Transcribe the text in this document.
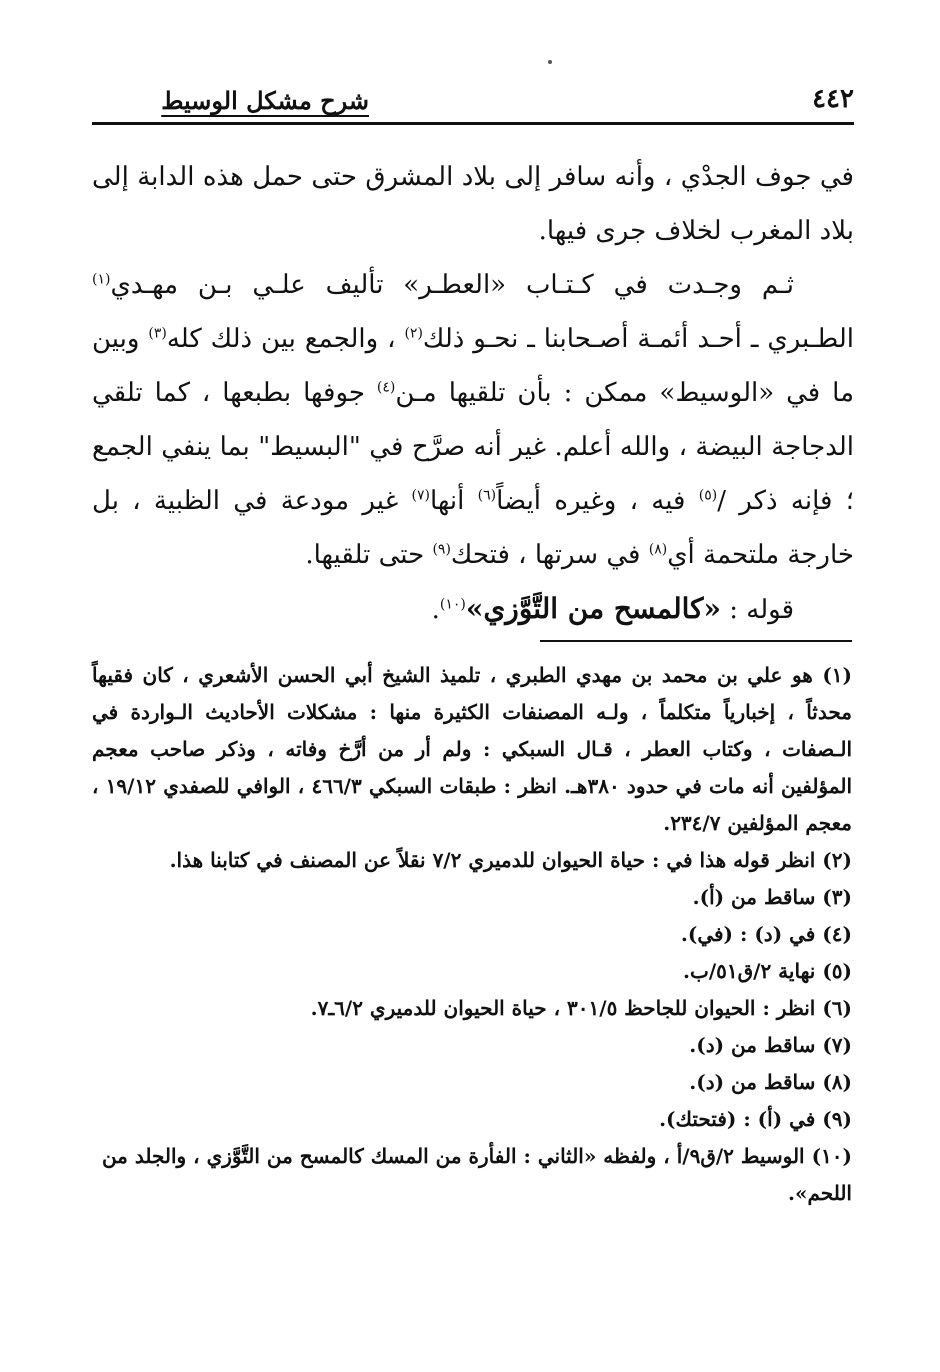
٤٤٢
شرح مشكل الوسيط

في جوف الجدْي ، وأنه سافر إلى بلاد المشرق حتى حمل هذه الدابة إلى بلاد المغرب لخلاف جرى فيها.

ثـم وجـدت في كـتـاب «العطـر» تأليف علـي بـن مهـدي$^{(١)}$ الطـبري ـ أحـد أئمـة أصـحابنا ـ نحـو ذلك$^{(٢)}$ ، والجمع بين ذلك كله$^{(٣)}$ وبين ما في «الوسيط» ممكن : بأن تلقيها مـن$^{(٤)}$ جوفها بطبعها ، كما تلقي الدجاجة البيضة ، والله أعلم. غير أنه صرَّح في "البسيط" بما ينفي الجمع ؛ فإنه ذكر /$^{(٥)}$ فيه ، وغيره أيضاً$^{(٦)}$ أنها$^{(٧)}$ غير مودعة في الظبية ، بل خارجة ملتحمة أي$^{(٨)}$ في سرتها ، فتحك$^{(٩)}$ حتى تلقيها.

قوله : «كالمسح من التَّوَّزي»$^{(١٠)}$.

(١) هو علي بن محمد بن مهدي الطبري ، تلميذ الشيخ أبي الحسن الأشعري ، كان فقيهاً محدثاً ، إخبارياً متكلماً ، ولـه المصنفات الكثيرة منها : مشكلات الأحاديث الـواردة في الـصفات ، وكتاب العطر ، قـال السبكي : ولم أر من أرَّخ وفاته ، وذكر صاحب معجم المؤلفين أنه مات في حدود ٣٨٠هـ. انظر : طبقات السبكي ٤٦٦/٣ ، الوافي للصفدي ١٩/١٢ ، معجم المؤلفين ٢٣٤/٧.

(٢) انظر قوله هذا في : حياة الحيوان للدميري ٧/٢ نقلاً عن المصنف في كتابنا هذا.

(٣) ساقط من (أ).

(٤) في (د) : (في).

(٥) نهاية ٢/ق٥١/ب.

(٦) انظر : الحيوان للجاحظ ٣٠١/٥ ، حياة الحيوان للدميري ٦/٢ـ٧.

(٧) ساقط من (د).

(٨) ساقط من (د).

(٩) في (أ) : (فتحتك).

(١٠) الوسيط ٢/ق٩/أ ، ولفظه «الثاني : الفأرة من المسك كالمسح من التَّوَّزي ، والجلد من اللحم».
